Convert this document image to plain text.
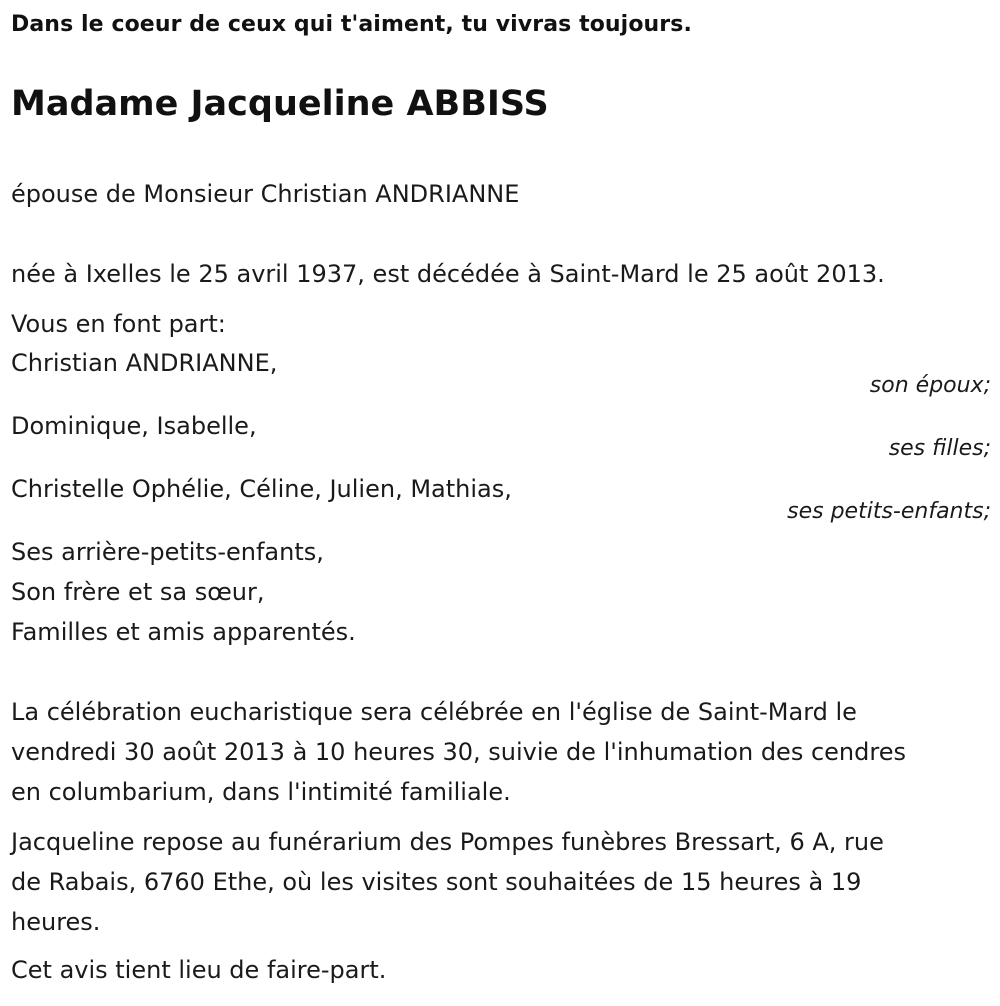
Dans le coeur de ceux qui t'aiment, tu vivras toujours.
Madame Jacqueline ABBISS
épouse de Monsieur Christian ANDRIANNE
née à Ixelles le 25 avril 1937, est décédée à Saint-Mard le 25 août 2013.
Vous en font part:
Christian ANDRIANNE,
son époux;
Dominique, Isabelle,
ses filles;
Christelle Ophélie, Céline, Julien, Mathias,
ses petits-enfants;
Ses arrière-petits-enfants,
Son frère et sa sœur,
Familles et amis apparentés.
La célébration eucharistique sera célébrée en l'église de Saint-Mard le
vendredi 30 août 2013 à 10 heures 30, suivie de l'inhumation des cendres
en columbarium, dans l'intimité familiale.
Jacqueline repose au funérarium des Pompes funèbres Bressart, 6 A, rue
de Rabais, 6760 Ethe, où les visites sont souhaitées de 15 heures à 19
heures.
Cet avis tient lieu de faire-part.
